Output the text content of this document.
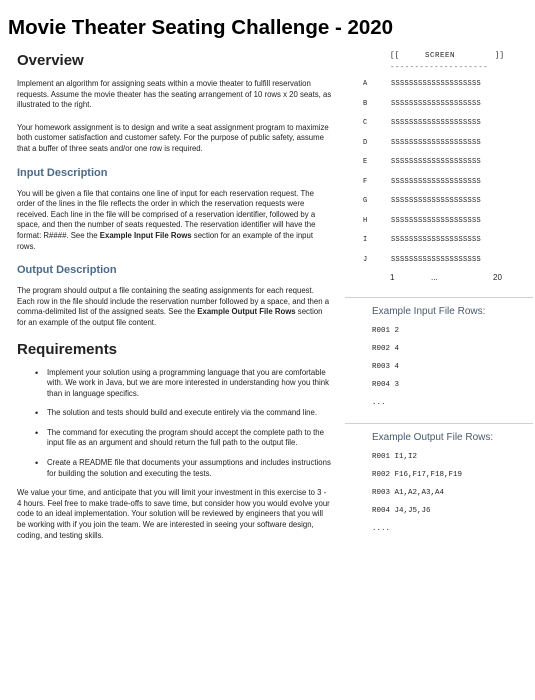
Movie Theater Seating Challenge - 2020
Overview

Implement an algorithm for assigning seats within a movie theater to fulfill reservation requests. Assume the movie theater has the seating arrangement of 10 rows x 20 seats, as illustrated to the right.

Your homework assignment is to design and write a seat assignment program to maximize both customer satisfaction and customer safety. For the purpose of public safety, assume that a buffer of three seats and/or one row is required.

Input Description

You will be given a file that contains one line of input for each reservation request. The order of the lines in the file reflects the order in which the reservation requests were received. Each line in the file will be comprised of a reservation identifier, followed by a space, and then the number of seats requested. The reservation identifier will have the format: R####. See the Example Input File Rows section for an example of the input rows.

Output Description

The program should output a file containing the seating assignments for each request. Each row in the file should include the reservation number followed by a space, and then a comma-delimited list of the assigned seats. See the Example Output File Rows section for an example of the output file content.

Requirements
• Implement your solution using a programming language that you are comfortable with. We work in Java, but we are more interested in understanding how you think than in language specifics.
• The solution and tests should build and execute entirely via the command line.
• The command for executing the program should accept the complete path to the input file as an argument and should return the full path to the output file.
• Create a README file that documents your assumptions and includes instructions for building the solution and executing the tests.

We value your time, and anticipate that you will limit your investment in this exercise to 3 - 4 hours. Feel free to make trade-offs to save time, but consider how you would evolve your code to an ideal implementation. Your solution will be reviewed by engineers that you will be working with if you join the team. We are interested in seeing your software design, coding, and testing skills.

[[	SCREEN	]]
--------------------
A	SSSSSSSSSSSSSSSSSSSS
B	SSSSSSSSSSSSSSSSSSSS
C	SSSSSSSSSSSSSSSSSSSS
D	SSSSSSSSSSSSSSSSSSSS
E	SSSSSSSSSSSSSSSSSSSS
F	SSSSSSSSSSSSSSSSSSSS
G	SSSSSSSSSSSSSSSSSSSS
H	SSSSSSSSSSSSSSSSSSSS
I	SSSSSSSSSSSSSSSSSSSS
J	SSSSSSSSSSSSSSSSSSSS
1	...	20
Example Input File Rows:
R001 2
R002 4
R003 4
R004 3
...
Example Output File Rows:
R001 I1,I2
R002 F16,F17,F18,F19
R003 A1,A2,A3,A4
R004 J4,J5,J6
....
